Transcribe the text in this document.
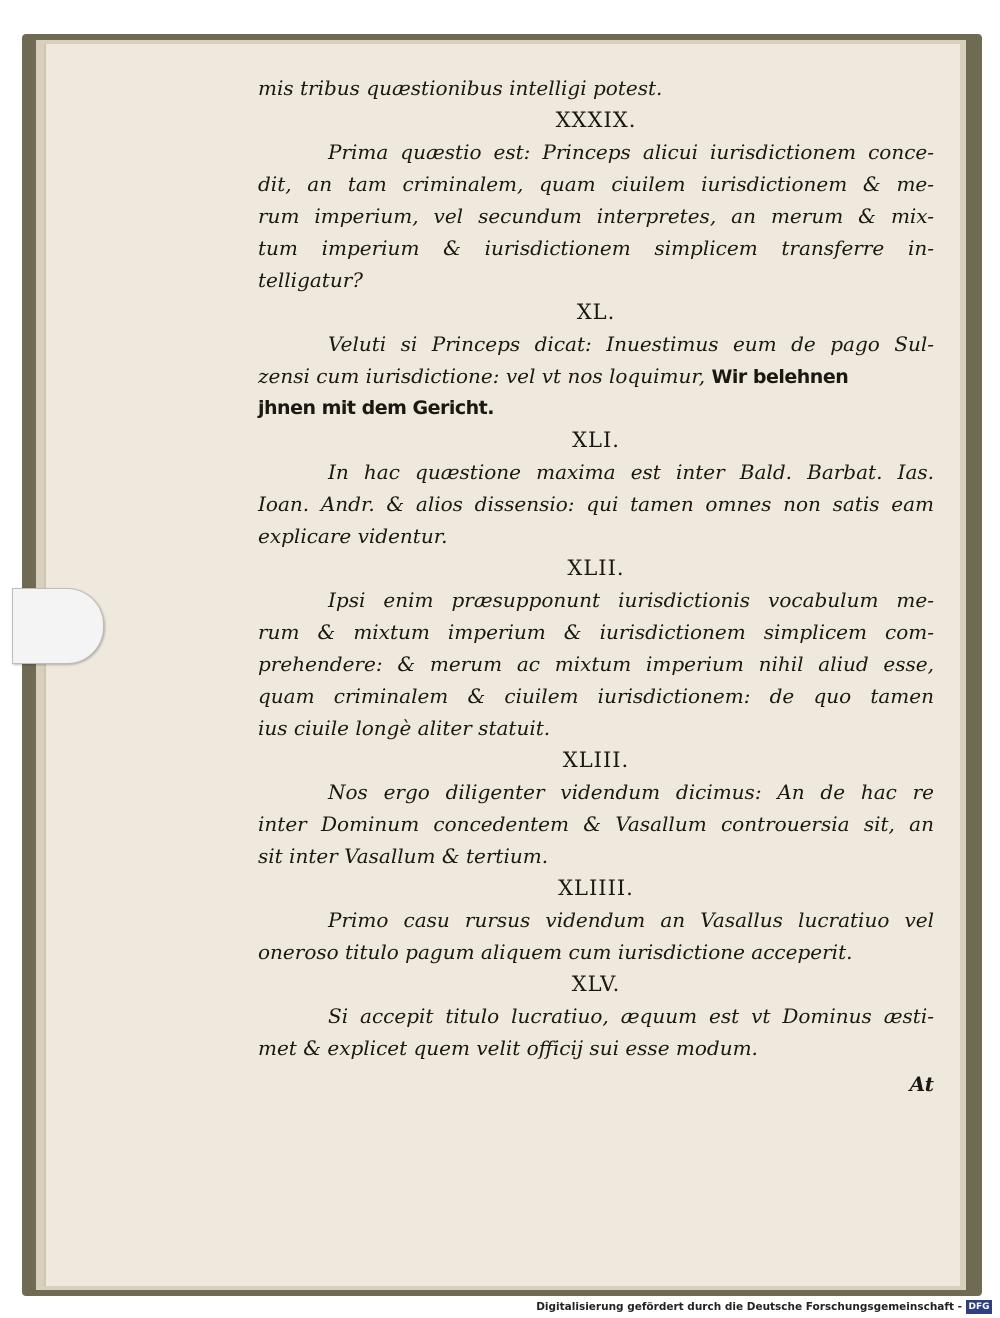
mis tribus quæstionibus intelligi potest.
XXXIX.
Prima quæstio est: Princeps alicui iurisdictionem conce-
dit, an tam criminalem, quam ciuilem iurisdictionem & me-
rum imperium, vel secundum interpretes, an merum & mix-
tum imperium & iurisdictionem simplicem transferre in-
telligatur?
XL.
Veluti si Princeps dicat: Inuestimus eum de pago Sul-
zensi cum iurisdictione: vel vt nos loquimur, Wir belehnen
jhnen mit dem Gericht.
XLI.
In hac quæstione maxima est inter Bald. Barbat. Ias.
Ioan. Andr. & alios dissensio: qui tamen omnes non satis eam
explicare videntur.
XLII.
Ipsi enim præsupponunt iurisdictionis vocabulum me-
rum & mixtum imperium & iurisdictionem simplicem com-
prehendere: & merum ac mixtum imperium nihil aliud esse,
quam criminalem & ciuilem iurisdictionem: de quo tamen
ius ciuile longè aliter statuit.
XLIII.
Nos ergo diligenter videndum dicimus: An de hac re
inter Dominum concedentem & Vasallum controuersia sit, an
sit inter Vasallum & tertium.
XLIIII.
Primo casu rursus videndum an Vasallus lucratiuo vel
oneroso titulo pagum aliquem cum iurisdictione acceperit.
XLV.
Si accepit titulo lucratiuo, æquum est vt Dominus æsti-
met & explicet quem velit officij sui esse modum.
At
Digitalisierung gefördert durch die Deutsche Forschungsgemeinschaft - DFG
